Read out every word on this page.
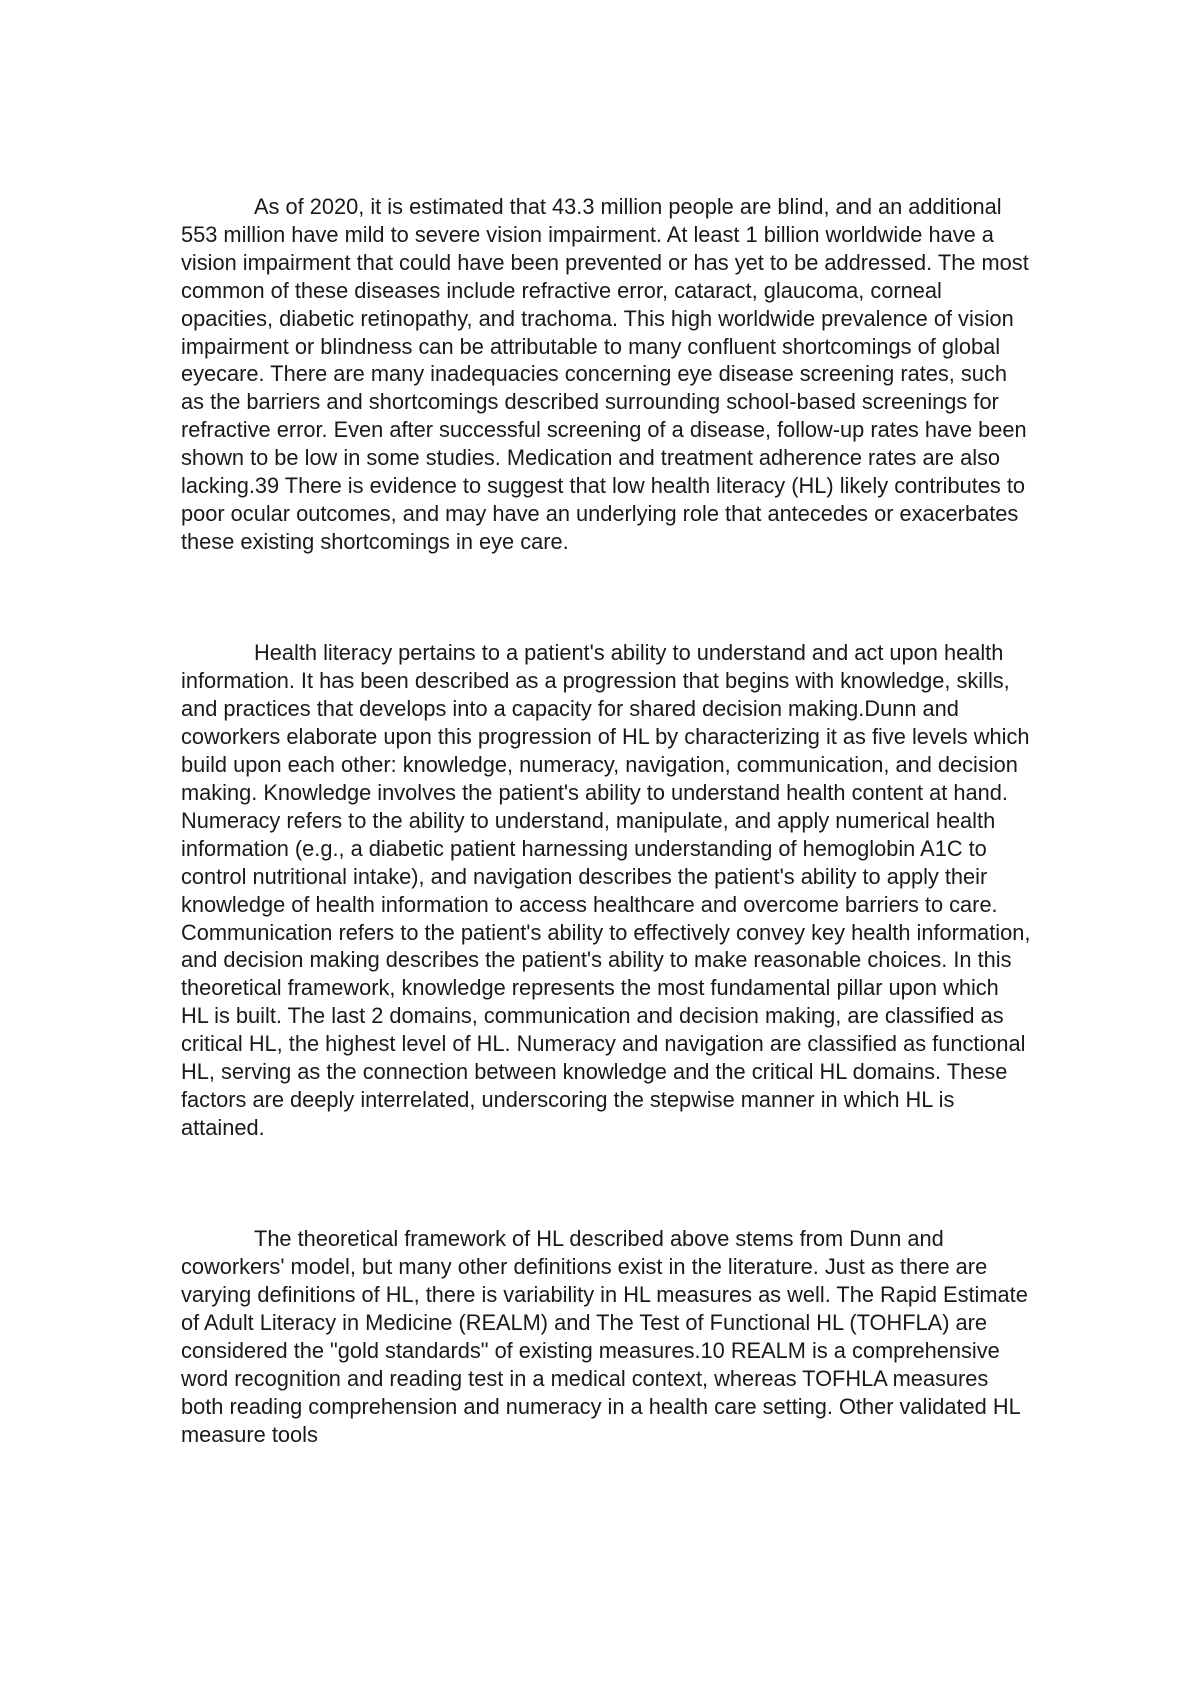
As of 2020, it is estimated that 43.3 million people are blind, and an additional 553 million have mild to severe vision impairment. At least 1 billion worldwide have a vision impairment that could have been prevented or has yet to be addressed. The most common of these diseases include refractive error, cataract, glaucoma, corneal opacities, diabetic retinopathy, and trachoma. This high worldwide prevalence of vision impairment or blindness can be attributable to many confluent shortcomings of global eyecare. There are many inadequacies concerning eye disease screening rates, such as the barriers and shortcomings described surrounding school-based screenings for refractive error. Even after successful screening of a disease, follow-up rates have been shown to be low in some studies. Medication and treatment adherence rates are also lacking.39 There is evidence to suggest that low health literacy (HL) likely contributes to poor ocular outcomes, and may have an underlying role that antecedes or exacerbates these existing shortcomings in eye care.

Health literacy pertains to a patient's ability to understand and act upon health information. It has been described as a progression that begins with knowledge, skills, and practices that develops into a capacity for shared decision making.Dunn and coworkers elaborate upon this progression of HL by characterizing it as five levels which build upon each other: knowledge, numeracy, navigation, communication, and decision making. Knowledge involves the patient's ability to understand health content at hand. Numeracy refers to the ability to understand, manipulate, and apply numerical health information (e.g., a diabetic patient harnessing understanding of hemoglobin A1C to control nutritional intake), and navigation describes the patient's ability to apply their knowledge of health information to access healthcare and overcome barriers to care. Communication refers to the patient's ability to effectively convey key health information, and decision making describes the patient's ability to make reasonable choices. In this theoretical framework, knowledge represents the most fundamental pillar upon which HL is built. The last 2 domains, communication and decision making, are classified as critical HL, the highest level of HL. Numeracy and navigation are classified as functional HL, serving as the connection between knowledge and the critical HL domains. These factors are deeply interrelated, underscoring the stepwise manner in which HL is attained.

The theoretical framework of HL described above stems from Dunn and coworkers' model, but many other definitions exist in the literature. Just as there are varying definitions of HL, there is variability in HL measures as well. The Rapid Estimate of Adult Literacy in Medicine (REALM) and The Test of Functional HL (TOHFLA) are considered the "gold standards" of existing measures.10 REALM is a comprehensive word recognition and reading test in a medical context, whereas TOFHLA measures both reading comprehension and numeracy in a health care setting. Other validated HL measure tools
